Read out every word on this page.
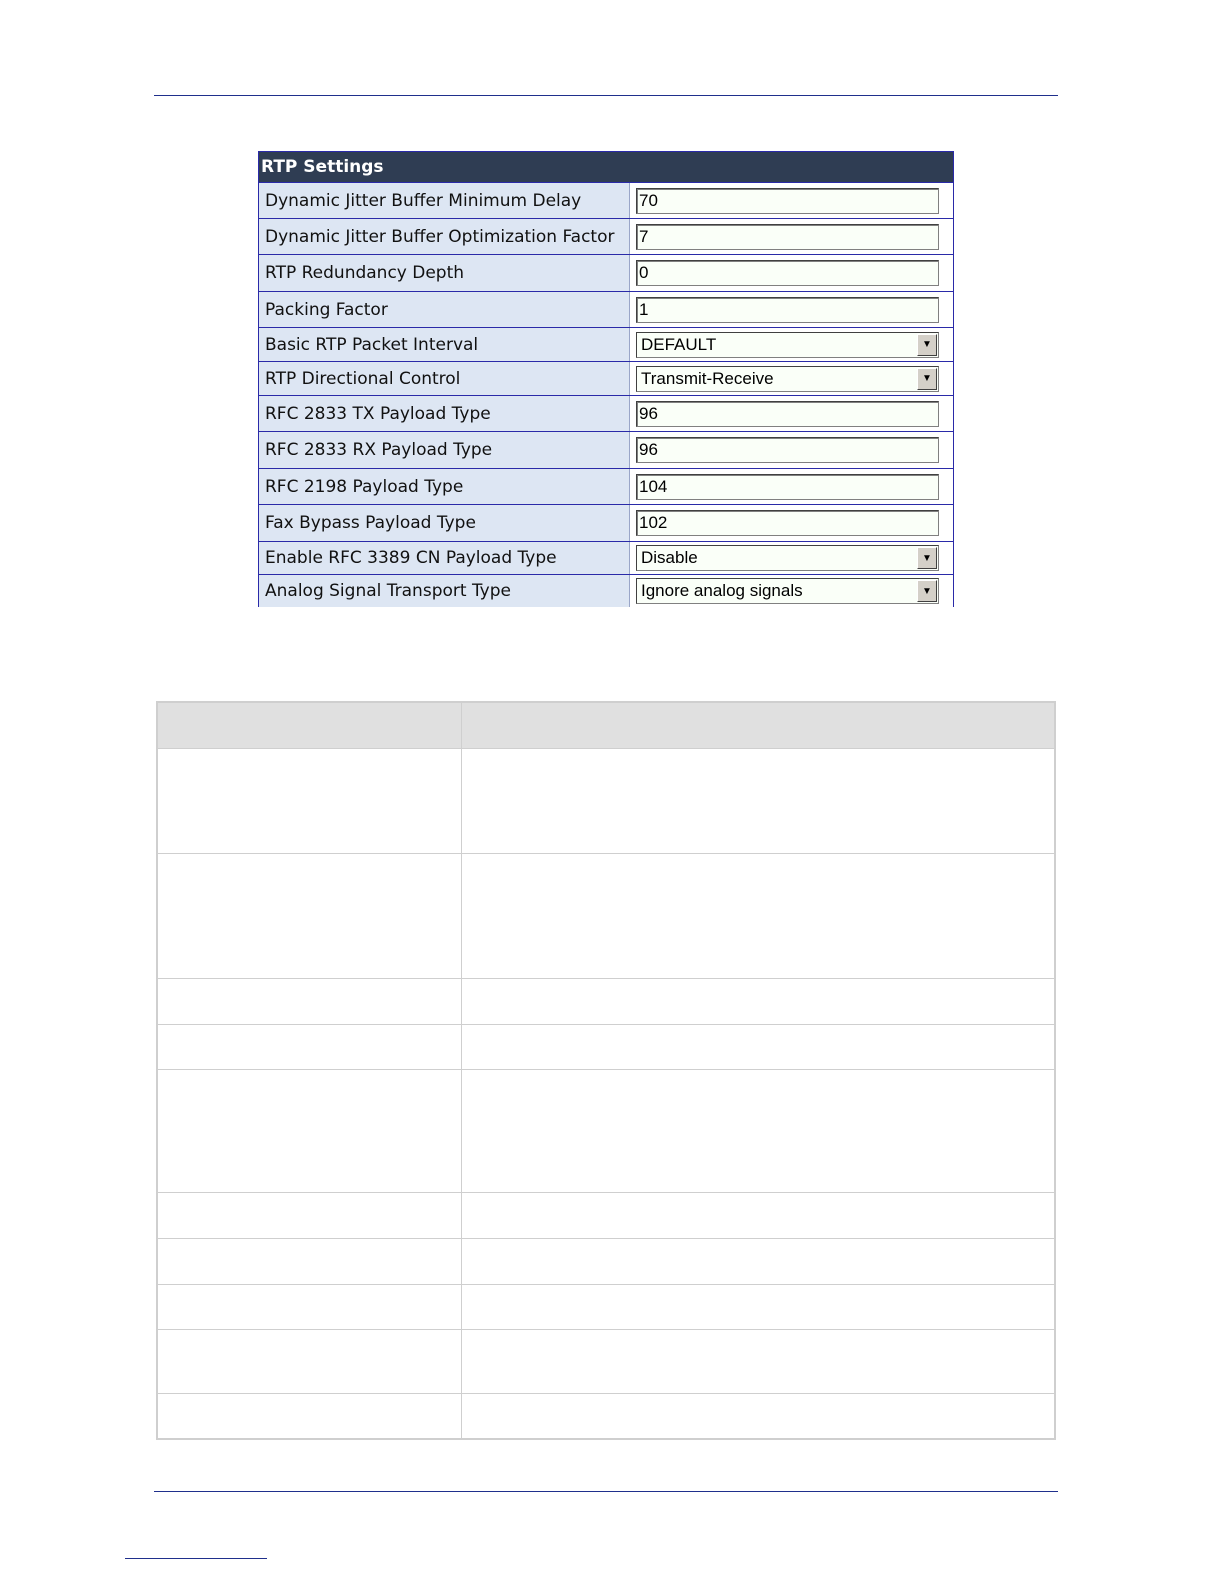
RTP Settings
Dynamic Jitter Buffer Minimum Delay	70
Dynamic Jitter Buffer Optimization Factor	7
RTP Redundancy Depth	0
Packing Factor	1
Basic RTP Packet Interval	DEFAULT	▼
RTP Directional Control	Transmit-Receive	▼
RFC 2833 TX Payload Type	96
RFC 2833 RX Payload Type	96
RFC 2198 Payload Type	104
Fax Bypass Payload Type	102
Enable RFC 3389 CN Payload Type	Disable	▼
Analog Signal Transport Type	Ignore analog signals	▼
